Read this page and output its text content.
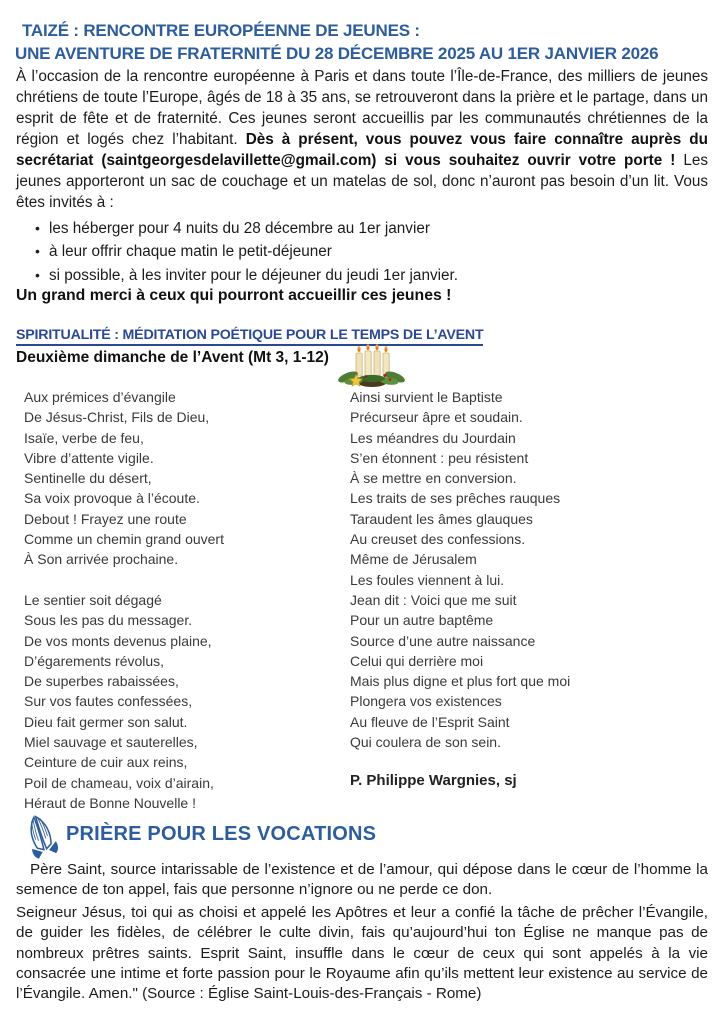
TAIZÉ : RENCONTRE EUROPÉENNE DE JEUNES :
UNE AVENTURE DE FRATERNITÉ DU 28 DÉCEMBRE 2025 AU 1ER JANVIER 2026

À l’occasion de la rencontre européenne à Paris et dans toute l’Île-de-France, des milliers de jeunes chrétiens de toute l’Europe, âgés de 18 à 35 ans, se retrouveront dans la prière et le partage, dans un esprit de fête et de fraternité. Ces jeunes seront accueillis par les communautés chrétiennes de la région et logés chez l’habitant. Dès à présent, vous pouvez vous faire connaître auprès du secrétariat (saintgeorgesdelavillette@gmail.com) si vous souhaitez ouvrir votre porte ! Les jeunes apporteront un sac de couchage et un matelas de sol, donc n’auront pas besoin d’un lit. Vous êtes invités à :

• les héberger pour 4 nuits du 28 décembre au 1er janvier
• à leur offrir chaque matin le petit-déjeuner
• si possible, à les inviter pour le déjeuner du jeudi 1er janvier.

Un grand merci à ceux qui pourront accueillir ces jeunes !

SPIRITUALITÉ : MÉDITATION POÉTIQUE POUR LE TEMPS DE L’AVENT

Deuxième dimanche de l’Avent (Mt 3, 1-12)

Aux prémices d’évangile
De Jésus-Christ, Fils de Dieu,
Isaïe, verbe de feu,
Vibre d’attente vigile.
Sentinelle du désert,
Sa voix provoque à l’écoute.
Debout ! Frayez une route
Comme un chemin grand ouvert
À Son arrivée prochaine.

Le sentier soit dégagé
Sous les pas du messager.
De vos monts devenus plaine,
D’égarements révolus,
De superbes rabaissées,
Sur vos fautes confessées,
Dieu fait germer son salut.
Miel sauvage et sauterelles,
Ceinture de cuir aux reins,
Poil de chameau, voix d’airain,
Héraut de Bonne Nouvelle !
Ainsi survient le Baptiste
Précurseur âpre et soudain.
Les méandres du Jourdain
S’en étonnent : peu résistent
À se mettre en conversion.
Les traits de ses prêches rauques
Taraudent les âmes glauques
Au creuset des confessions.
Même de Jérusalem
Les foules viennent à lui.
Jean dit : Voici que me suit
Pour un autre baptême
Source d’une autre naissance
Celui qui derrière moi
Mais plus digne et plus fort que moi
Plongera vos existences
Au fleuve de l’Esprit Saint
Qui coulera de son sein.

P. Philippe Wargnies, sj

PRIÈRE POUR LES VOCATIONS

Père Saint, source intarissable de l’existence et de l’amour, qui dépose dans le cœur de l’homme la semence de ton appel, fais que personne n’ignore ou ne perde ce don.

Seigneur Jésus, toi qui as choisi et appelé les Apôtres et leur a confié la tâche de prêcher l’Évangile, de guider les fidèles, de célébrer le culte divin, fais qu’aujourd’hui ton Église ne manque pas de nombreux prêtres saints. Esprit Saint, insuffle dans le cœur de ceux qui sont appelés à la vie consacrée une intime et forte passion pour le Royaume afin qu’ils mettent leur existence au service de l’Évangile. Amen." (Source : Église Saint-Louis-des-Français - Rome)
